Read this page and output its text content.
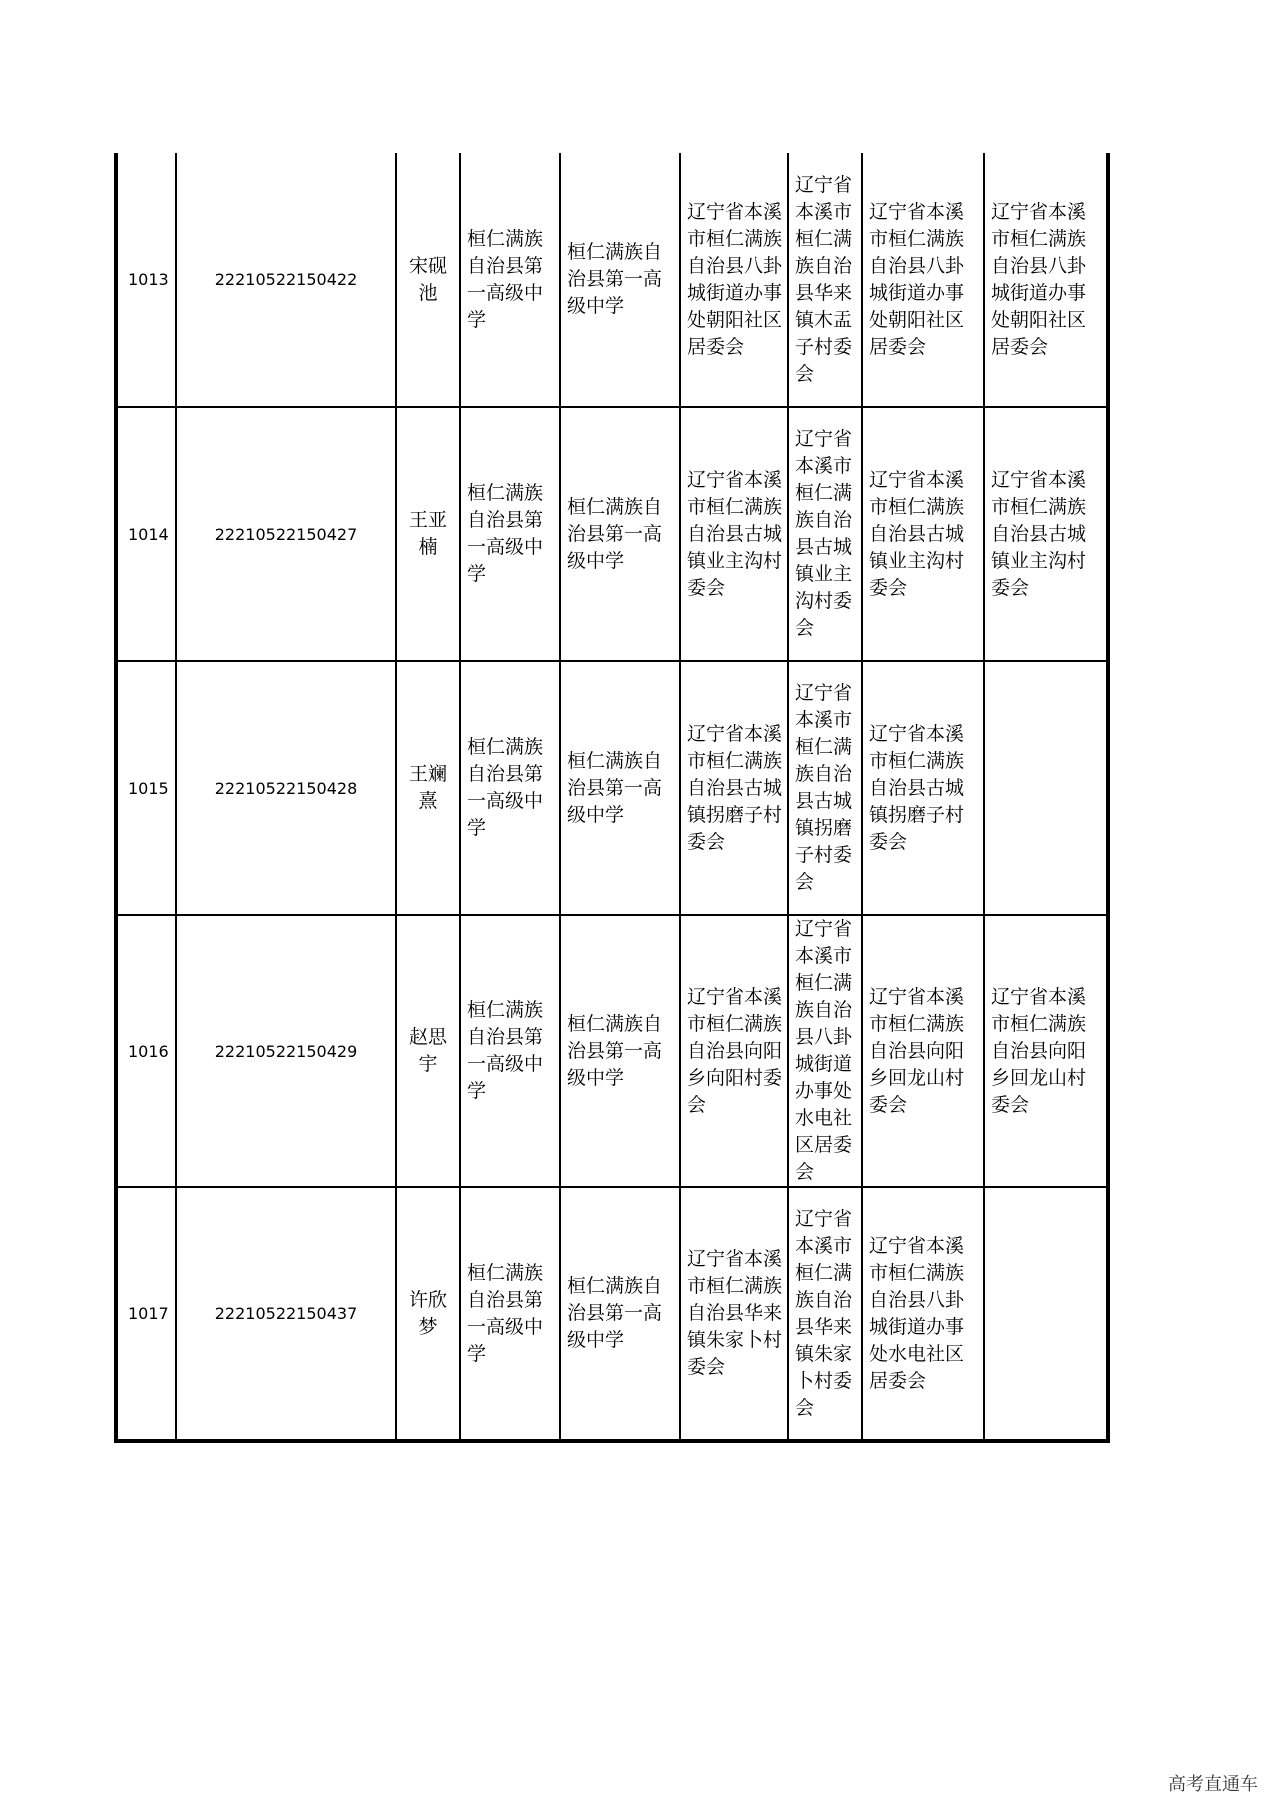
1013	22210522150422	宋砚池	桓仁满族自治县第一高级中学	桓仁满族自治县第一高级中学	辽宁省本溪市桓仁满族自治县八卦城街道办事处朝阳社区居委会	辽宁省本溪市桓仁满族自治县华来镇木盂子村委会	辽宁省本溪市桓仁满族自治县八卦城街道办事处朝阳社区居委会	辽宁省本溪市桓仁满族自治县八卦城街道办事处朝阳社区居委会
1014	22210522150427	王亚楠	桓仁满族自治县第一高级中学	桓仁满族自治县第一高级中学	辽宁省本溪市桓仁满族自治县古城镇业主沟村委会	辽宁省本溪市桓仁满族自治县古城镇业主沟村委会	辽宁省本溪市桓仁满族自治县古城镇业主沟村委会	辽宁省本溪市桓仁满族自治县古城镇业主沟村委会
1015	22210522150428	王斓熹	桓仁满族自治县第一高级中学	桓仁满族自治县第一高级中学	辽宁省本溪市桓仁满族自治县古城镇拐磨子村委会	辽宁省本溪市桓仁满族自治县古城镇拐磨子村委会	辽宁省本溪市桓仁满族自治县古城镇拐磨子村委会	
1016	22210522150429	赵思宇	桓仁满族自治县第一高级中学	桓仁满族自治县第一高级中学	辽宁省本溪市桓仁满族自治县向阳乡向阳村委会	辽宁省本溪市桓仁满族自治县八卦城街道办事处水电社区居委会	辽宁省本溪市桓仁满族自治县向阳乡回龙山村委会	辽宁省本溪市桓仁满族自治县向阳乡回龙山村委会
1017	22210522150437	许欣梦	桓仁满族自治县第一高级中学	桓仁满族自治县第一高级中学	辽宁省本溪市桓仁满族自治县华来镇朱家卜村委会	辽宁省本溪市桓仁满族自治县华来镇朱家卜村委会	辽宁省本溪市桓仁满族自治县八卦城街道办事处水电社区居委会	
高考直通车
